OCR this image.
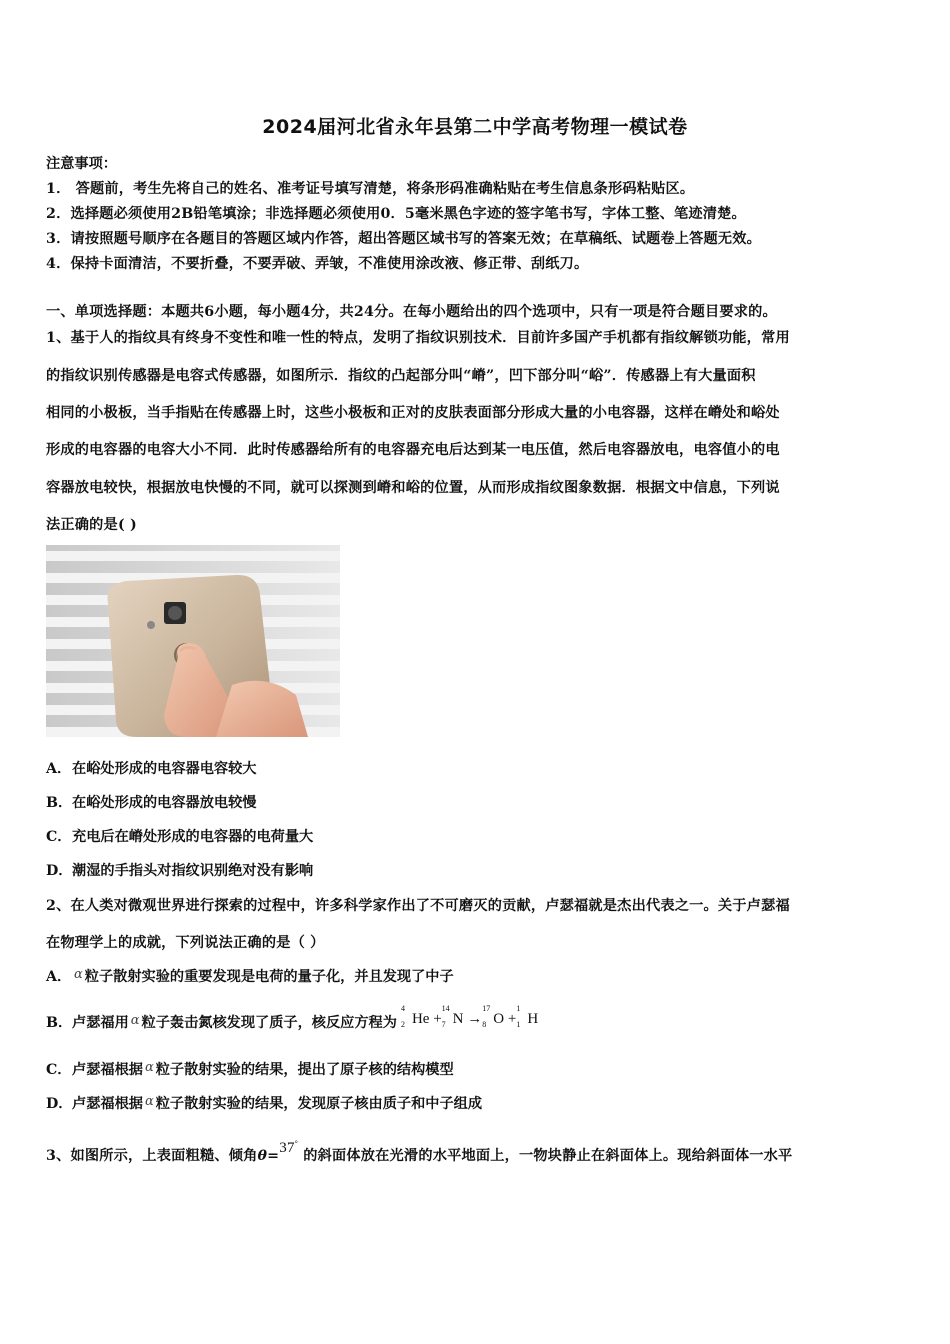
2024届河北省永年县第二中学高考物理一模试卷
注意事项：
1． 答题前，考生先将自己的姓名、准考证号填写清楚，将条形码准确粘贴在考生信息条形码粘贴区。
2．选择题必须使用2B铅笔填涂；非选择题必须使用0．5毫米黑色字迹的签字笔书写，字体工整、笔迹清楚。
3．请按照题号顺序在各题目的答题区域内作答，超出答题区域书写的答案无效；在草稿纸、试题卷上答题无效。
4．保持卡面清洁，不要折叠，不要弄破、弄皱，不准使用涂改液、修正带、刮纸刀。
一、单项选择题：本题共6小题，每小题4分，共24分。在每小题给出的四个选项中，只有一项是符合题目要求的。
1、基于人的指纹具有终身不变性和唯一性的特点，发明了指纹识别技术．目前许多国产手机都有指纹解锁功能，常用
的指纹识别传感器是电容式传感器，如图所示．指纹的凸起部分叫“嵴”，凹下部分叫“峪”．传感器上有大量面积
相同的小极板，当手指贴在传感器上时，这些小极板和正对的皮肤表面部分形成大量的小电容器，这样在嵴处和峪处
形成的电容器的电容大小不同．此时传感器给所有的电容器充电后达到某一电压值，然后电容器放电，电容值小的电
容器放电较快，根据放电快慢的不同，就可以探测到嵴和峪的位置，从而形成指纹图象数据．根据文中信息，下列说
法正确的是( )
A．在峪处形成的电容器电容较大
B．在峪处形成的电容器放电较慢
C．充电后在嵴处形成的电容器的电荷量大
D．潮湿的手指头对指纹识别绝对没有影响
2、在人类对微观世界进行探索的过程中，许多科学家作出了不可磨灭的贡献，卢瑟福就是杰出代表之一。关于卢瑟福
在物理学上的成就，下列说法正确的是（ ）
A． α 粒子散射实验的重要发现是电荷的量子化，并且发现了中子
B．卢瑟福用 α 粒子轰击氮核发现了质子，核反应方程为
4
2 He +
14
7 N →
17
8 O +
1
1 H
C．卢瑟福根据 α 粒子散射实验的结果，提出了原子核的结构模型
D．卢瑟福根据 α 粒子散射实验的结果，发现原子核由质子和中子组成
3、如图所示，上表面粗糙、倾角θ=37° 的斜面体放在光滑的水平地面上，一物块静止在斜面体上。现给斜面体一水平
